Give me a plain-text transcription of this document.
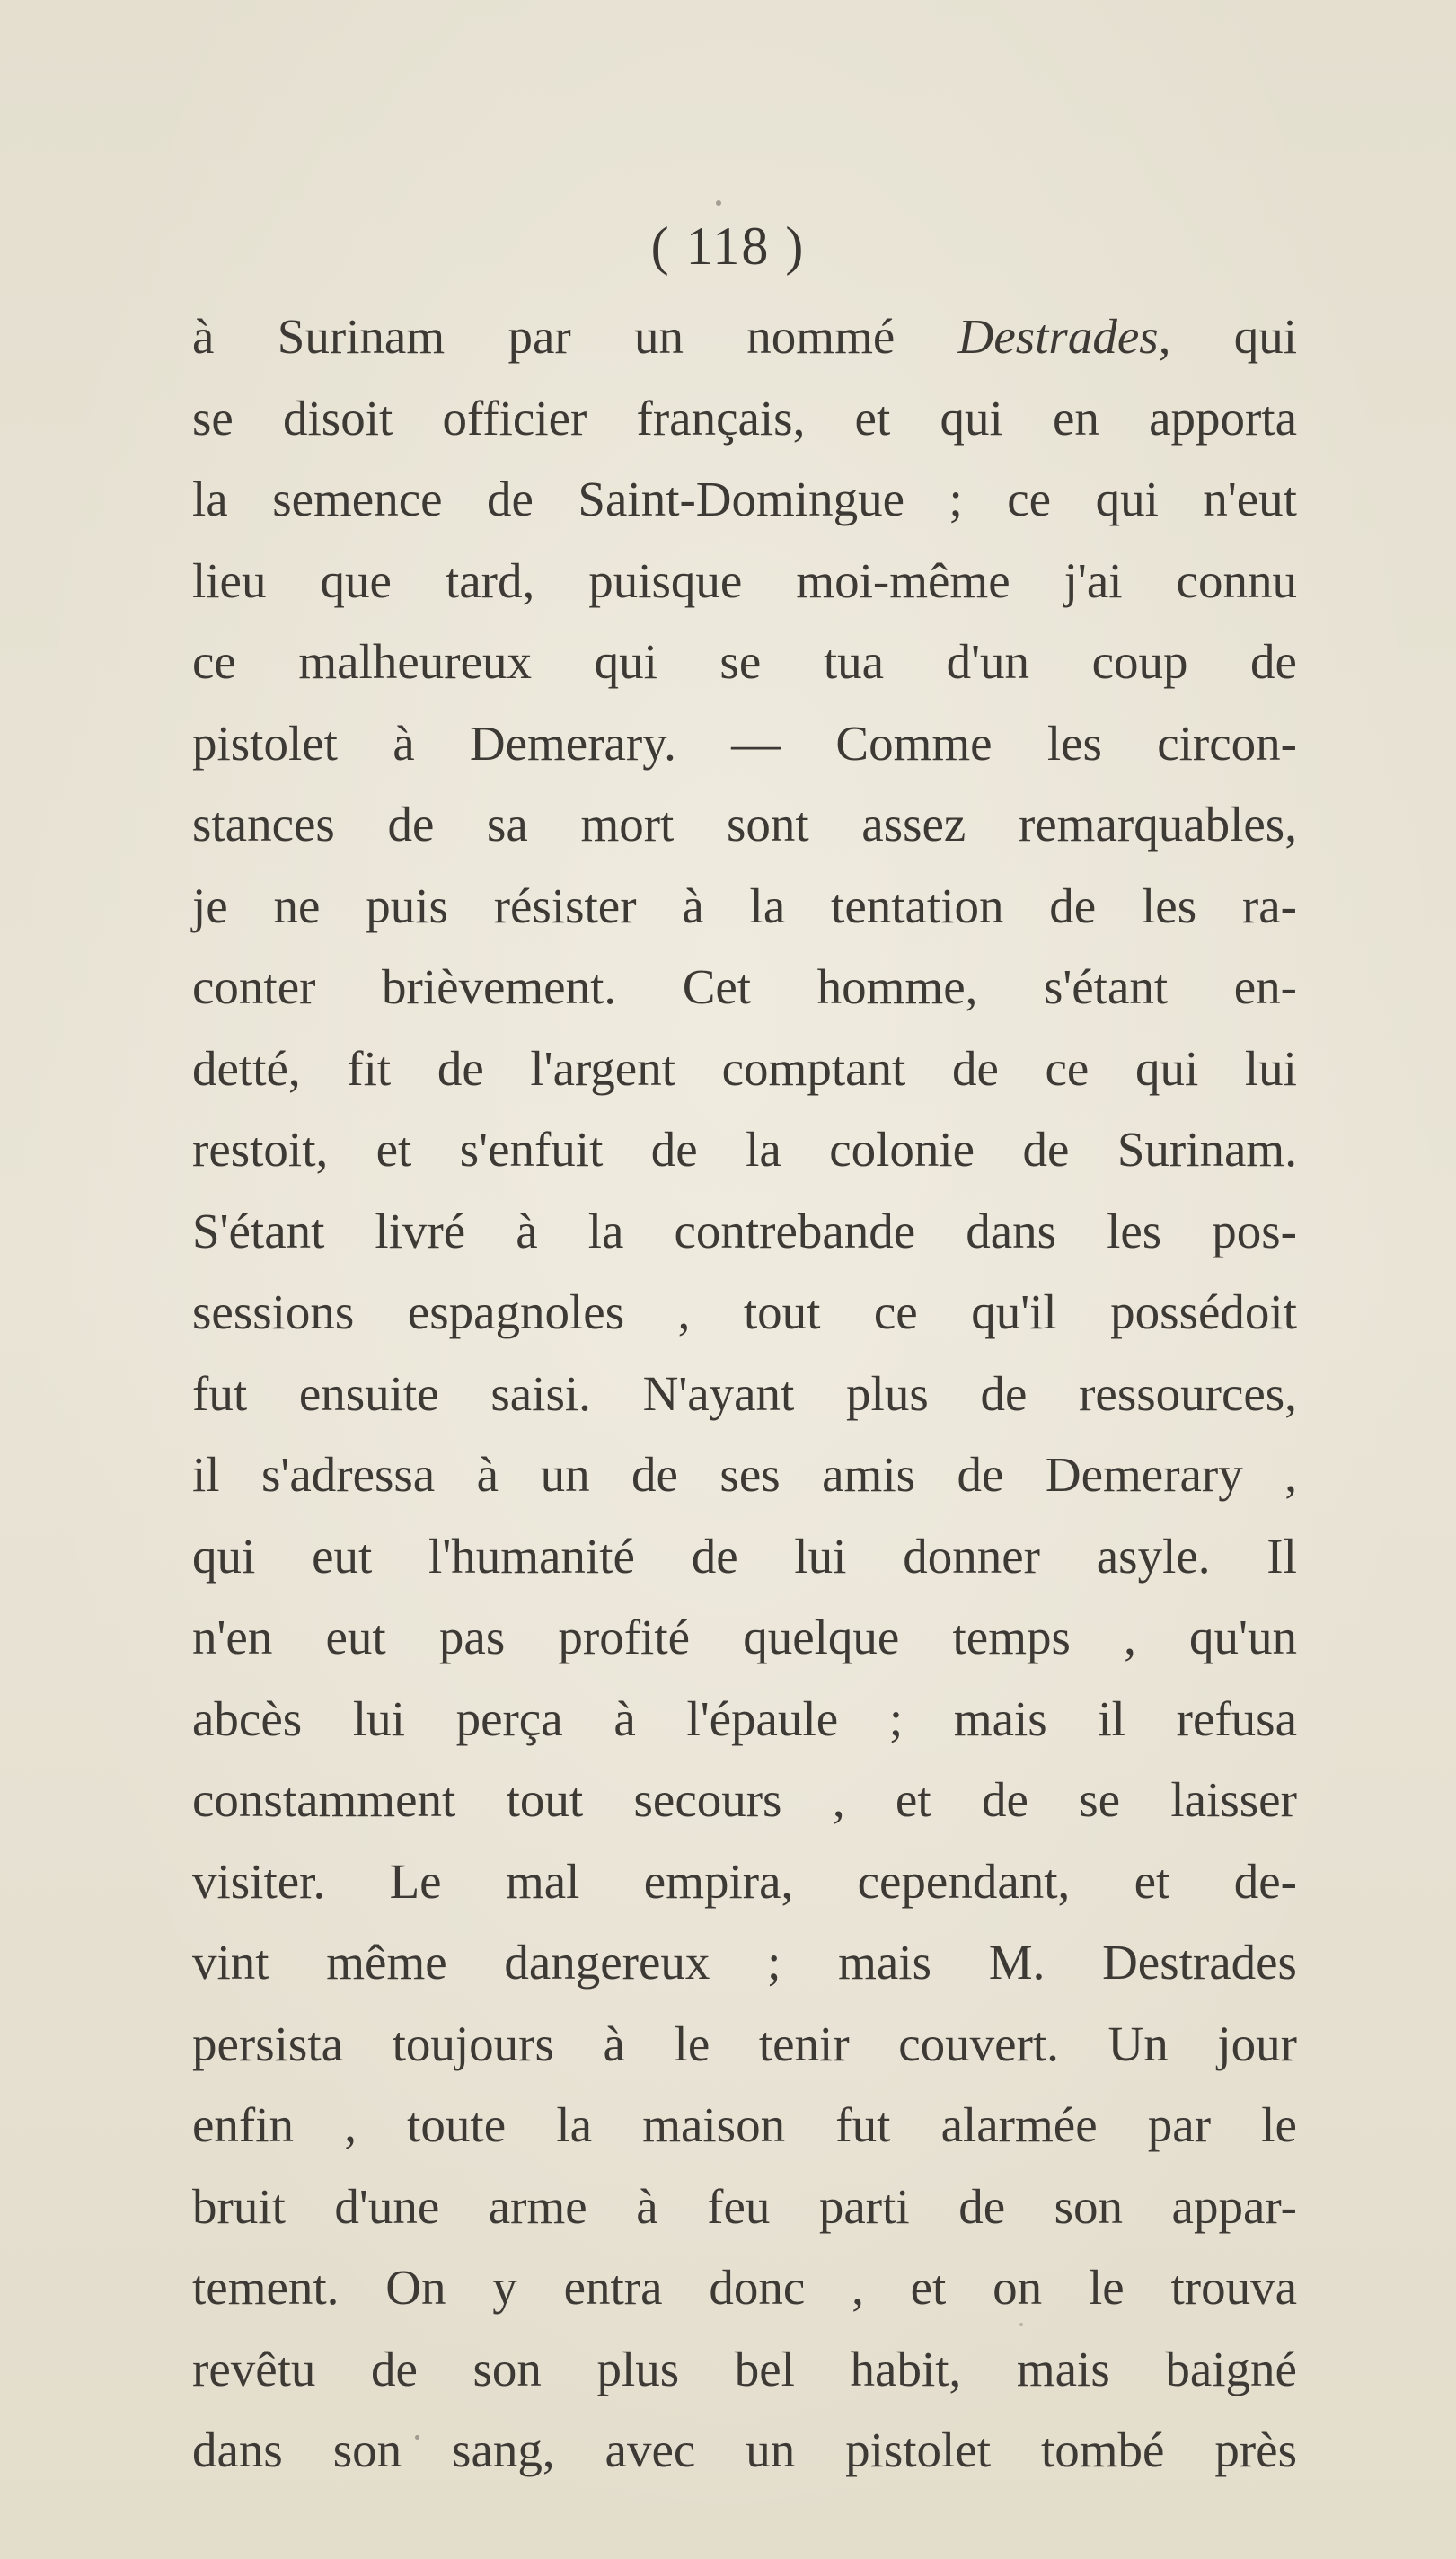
( 118 )
à Surinam par un nommé Destrades, qui
se disoit officier français, et qui en apporta
la semence de Saint-Domingue ; ce qui n'eut
lieu que tard, puisque moi-même j'ai connu
ce malheureux qui se tua d'un coup de
pistolet à Demerary. — Comme les circon-
stances de sa mort sont assez remarquables,
je ne puis résister à la tentation de les ra-
conter brièvement. Cet homme, s'étant en-
detté, fit de l'argent comptant de ce qui lui
restoit, et s'enfuit de la colonie de Surinam.
S'étant livré à la contrebande dans les pos-
sessions espagnoles , tout ce qu'il possédoit
fut ensuite saisi. N'ayant plus de ressources,
il s'adressa à un de ses amis de Demerary ,
qui eut l'humanité de lui donner asyle. Il
n'en eut pas profité quelque temps , qu'un
abcès lui perça à l'épaule ; mais il refusa
constamment tout secours , et de se laisser
visiter. Le mal empira, cependant, et de-
vint même dangereux ; mais M. Destrades
persista toujours à le tenir couvert. Un jour
enfin , toute la maison fut alarmée par le
bruit d'une arme à feu parti de son appar-
tement. On y entra donc , et on le trouva
revêtu de son plus bel habit, mais baigné
dans son sang, avec un pistolet tombé près
